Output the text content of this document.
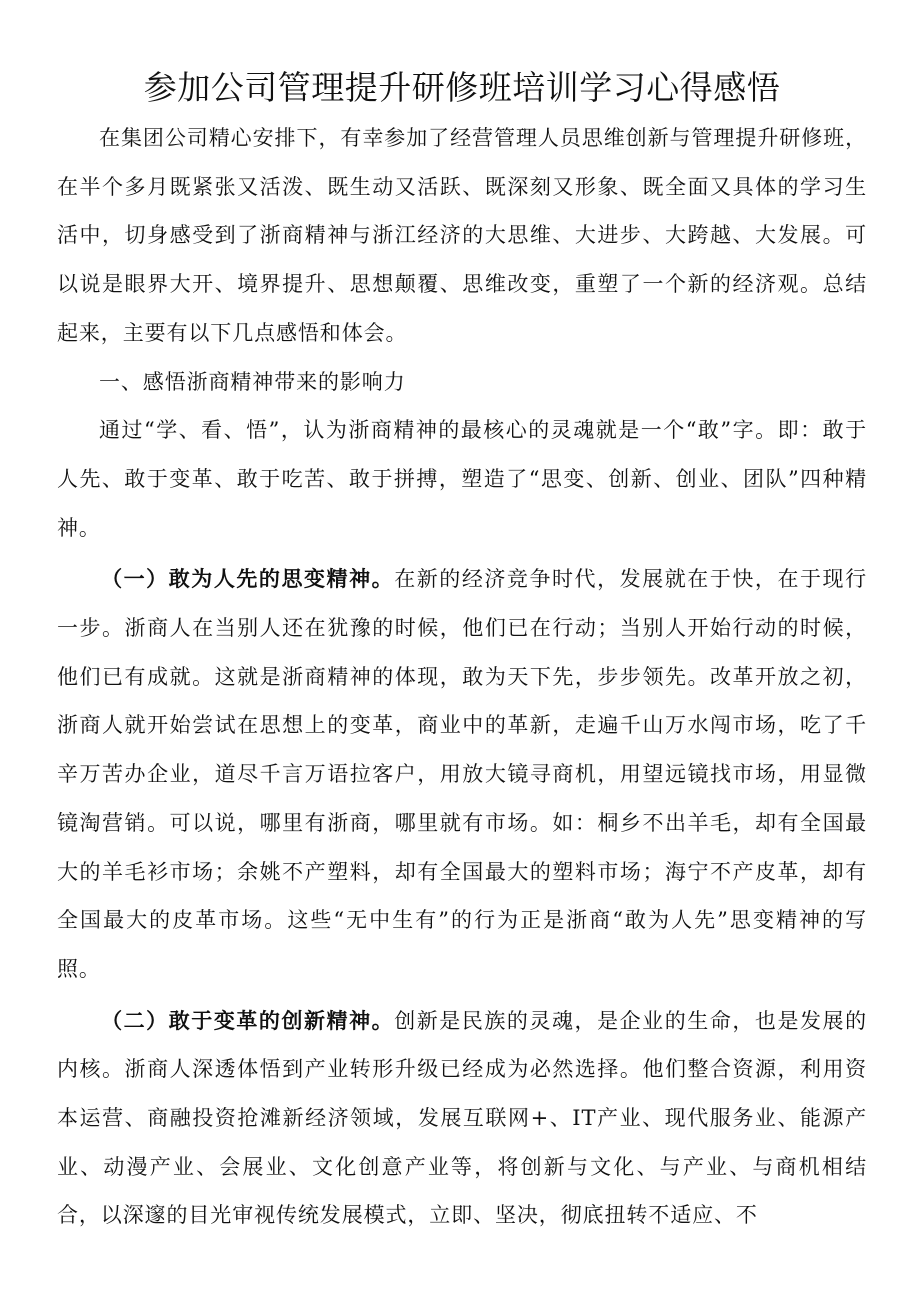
参加公司管理提升研修班培训学习心得感悟

在集团公司精心安排下，有幸参加了经营管理人员思维创新与管理提升研修班，在半个多月既紧张又活泼、既生动又活跃、既深刻又形象、既全面又具体的学习生活中，切身感受到了浙商精神与浙江经济的大思维、大进步、大跨越、大发展。可以说是眼界大开、境界提升、思想颠覆、思维改变，重塑了一个新的经济观。总结起来，主要有以下几点感悟和体会。

一、感悟浙商精神带来的影响力

通过“学、看、悟”，认为浙商精神的最核心的灵魂就是一个“敢”字。即：敢于人先、敢于变革、敢于吃苦、敢于拼搏，塑造了“思变、创新、创业、团队”四种精神。

（一）敢为人先的思变精神。在新的经济竞争时代，发展就在于快，在于现行一步。浙商人在当别人还在犹豫的时候，他们已在行动；当别人开始行动的时候，他们已有成就。这就是浙商精神的体现，敢为天下先，步步领先。改革开放之初，浙商人就开始尝试在思想上的变革，商业中的革新，走遍千山万水闯市场，吃了千辛万苦办企业，道尽千言万语拉客户，用放大镜寻商机，用望远镜找市场，用显微镜淘营销。可以说，哪里有浙商，哪里就有市场。如：桐乡不出羊毛，却有全国最大的羊毛衫市场；余姚不产塑料，却有全国最大的塑料市场；海宁不产皮革，却有全国最大的皮革市场。这些“无中生有”的行为正是浙商“敢为人先”思变精神的写照。

（二）敢于变革的创新精神。创新是民族的灵魂，是企业的生命，也是发展的内核。浙商人深透体悟到产业转形升级已经成为必然选择。他们整合资源，利用资本运营、商融投资抢滩新经济领域，发展互联网+、IT产业、现代服务业、能源产业、动漫产业、会展业、文化创意产业等，将创新与文化、与产业、与商机相结合，以深邃的目光审视传统发展模式，立即、坚决，彻底扭转不适应、不
